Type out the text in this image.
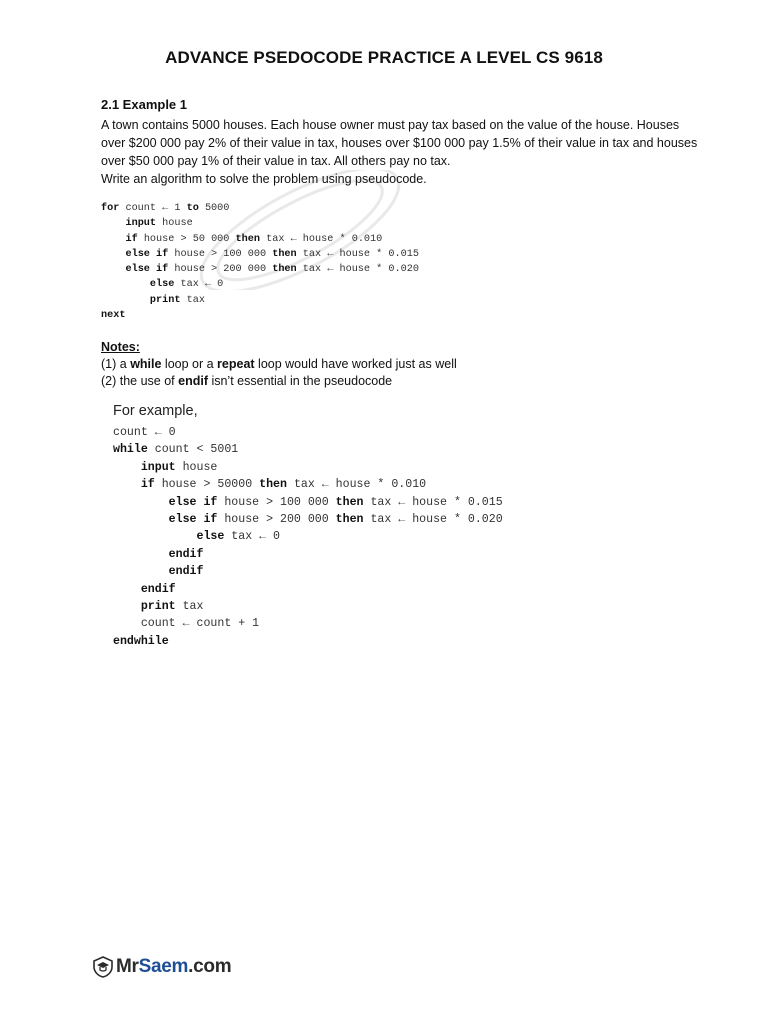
ADVANCE PSEDOCODE PRACTICE A LEVEL CS 9618
2.1 Example 1
A town contains 5000 houses. Each house owner must pay tax based on the value of the house. Houses
over $200 000 pay 2% of their value in tax, houses over $100 000 pay 1.5% of their value in tax and houses
over $50 000 pay 1% of their value in tax. All others pay no tax.
Write an algorithm to solve the problem using pseudocode.
for count ← 1 to 5000
input house
if house > 50 000 then tax ← house * 0.010
else if house > 100 000 then tax ← house * 0.015
else if house > 200 000 then tax ← house * 0.020
else tax ← 0
print tax
next
Notes:
(1) a while loop or a repeat loop would have worked just as well
(2) the use of endif isn’t essential in the pseudocode
For example,
count ← 0
while count < 5001
input house
if house > 50000 then tax ← house * 0.010
else if house > 100 000 then tax ← house * 0.015
else if house > 200 000 then tax ← house * 0.020
else tax ← 0
endif
endif
endif
print tax
count ← count + 1
endwhile
MrSaem.com
